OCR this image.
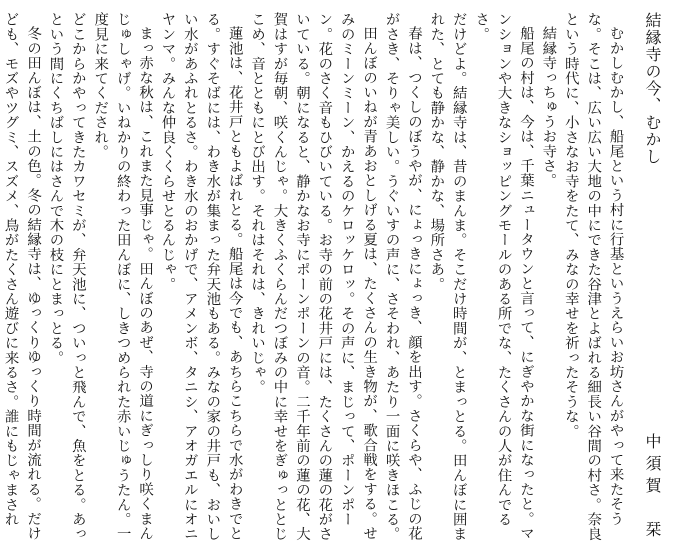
結縁寺の今、むかし
中須賀　栞

むかしむかし、船尾という村に行基というえらいお坊さんがやって来たそうな。そこは、広い広い大地の中にできた谷津とよばれる細長い谷間の村さ。奈良という時代に、小さなお寺をたて、みなの幸せを祈ったそうな。

結縁寺っちゅうお寺さ。

船尾の村は、今は、千葉ニュータウンと言って、にぎやかな街になったと。マンションや大きなショッピングモールのある所でな、たくさんの人が住んでるさ。

だけどよ。結縁寺は、昔のまんま。そこだけ時間が、とまっとる。田んぼに囲まれた、とても静かな、静かな、場所さあ。

春は、つくしのぼうやが、にょっきにょっき、顔を出す。さくらや、ふじの花がさき、そりゃ美しい。うぐいすの声に、さそわれ、あたり一面に咲きほこる。

田んぼのいねが青あおとしげる夏は、たくさんの生き物が、歌合戦をする。せみのミーンミーン、かえるのケロッケロッ。その声に、まじって、ポーンポーン。花のさく音もひびいている。お寺の前の花井戸には、たくさんの蓮の花がさいている。朝になると、静かなお寺にポーンポーンの音。二千年前の蓮の花、大賀はすが毎朝、咲くんじゃ。大きくふくらんだつぼみの中に幸せをぎゅっととじこめ、音とともにとび出す。それはそれは、きれいじゃ。

蓮池は、花井戸ともよばれとる。船尾は今でも、あちらこちらで水がわきでとる。すぐそばには、わき水が集まった弁天池もある。みなの家の井戸も、おいしい水があふれとるさ。わき水のおかげで、アメンボ、タニシ、アオガエルにオニヤンマ。みんな仲良くくらせとるんじゃ。

まっ赤な秋は、これまた見事じゃ。田んぼのあぜ、寺の道にぎっしり咲くまんじゅしゃげ。いねかりの終わった田んぼに、しきつめられた赤いじゅうたん。一度見に来てくだされ。

どこからかやってきたカワセミが、弁天池に、ついっと飛んで、魚をとる。あっという間にくちばしにはさんで木の枝にとまっとる。

冬の田んぼは、土の色。冬の結縁寺は、ゆっくりゆっくり時間が流れる。だけども、モズやツグミ、スズメ、鳥がたくさん遊びに来るさ。誰にもじゃまされ
